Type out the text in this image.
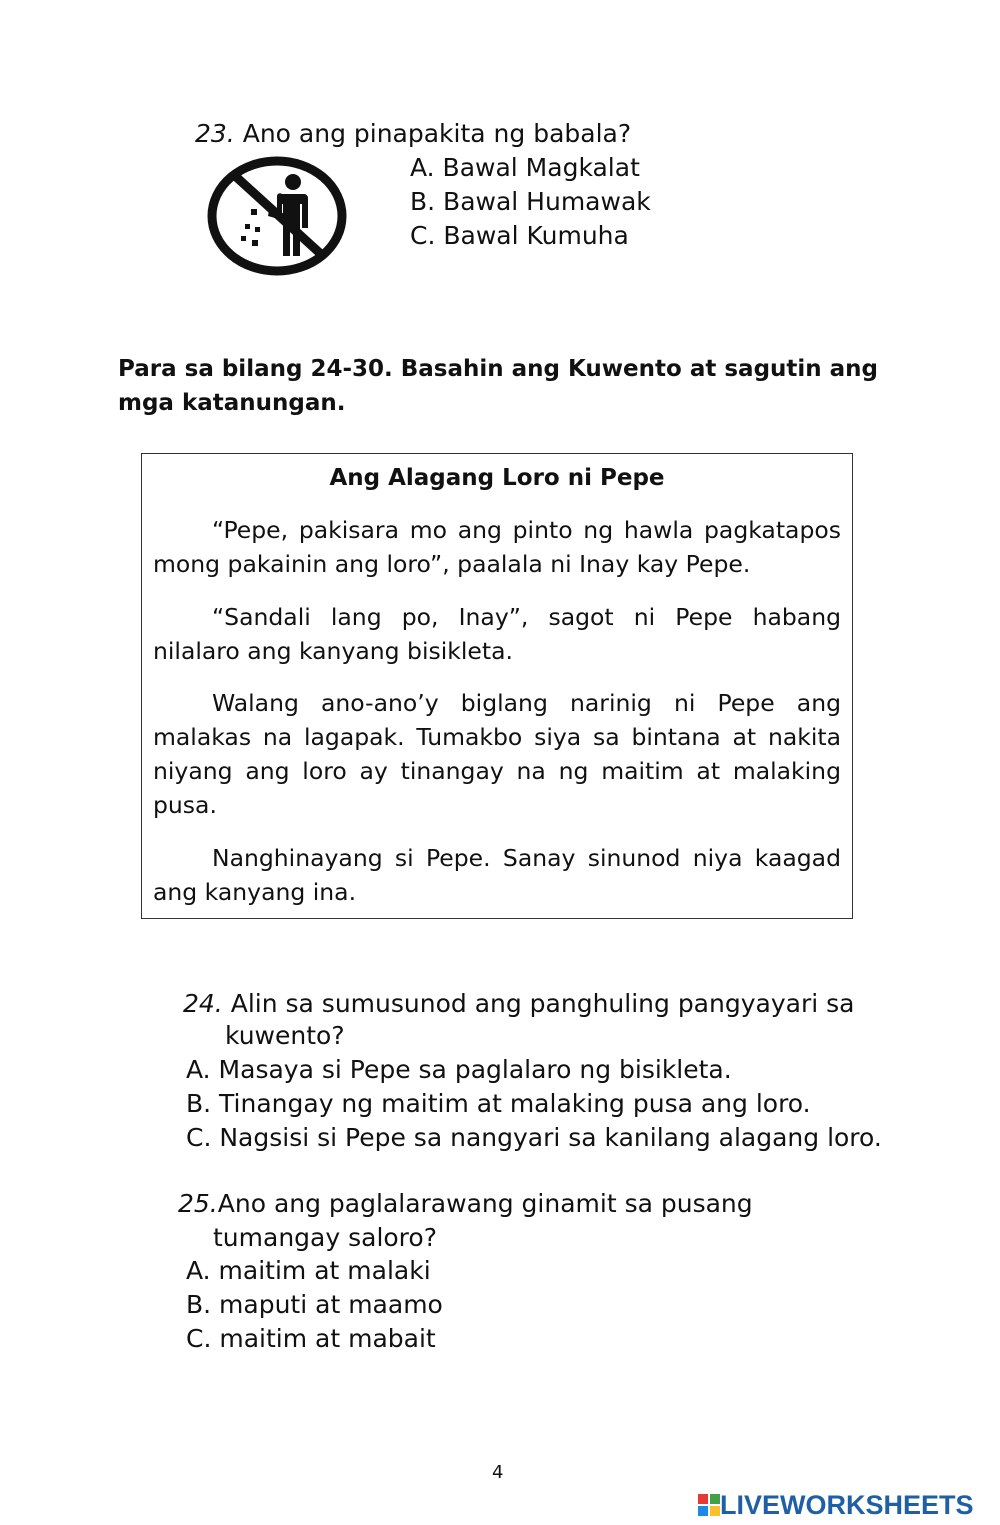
23. Ano ang pinapakita ng babala?
A. Bawal Magkalat
B. Bawal Humawak
C. Bawal Kumuha
Para sa bilang 24-30. Basahin ang Kuwento at sagutin ang mga katanungan.
Ang Alagang Loro ni Pepe
“Pepe, pakisara mo ang pinto ng hawla pagkatapos mong pakainin ang loro”, paalala ni Inay kay Pepe.
“Sandali lang po, Inay”, sagot ni Pepe habang nilalaro ang kanyang bisikleta.
Walang ano-ano’y biglang narinig ni Pepe ang malakas na lagapak. Tumakbo siya sa bintana at nakita niyang ang loro ay tinangay na ng maitim at malaking pusa.
Nanghinayang si Pepe. Sanay sinunod niya kaagad ang kanyang ina.
24. Alin sa sumusunod ang panghuling pangyayari sa
kuwento?
A. Masaya si Pepe sa paglalaro ng bisikleta.
B. Tinangay ng maitim at malaking pusa ang loro.
C. Nagsisi si Pepe sa nangyari sa kanilang alagang loro.
25.Ano ang paglalarawang ginamit sa pusang
tumangay saloro?
A. maitim at malaki
B. maputi at maamo
C. maitim at mabait
4
LIVEWORKSHEETS
